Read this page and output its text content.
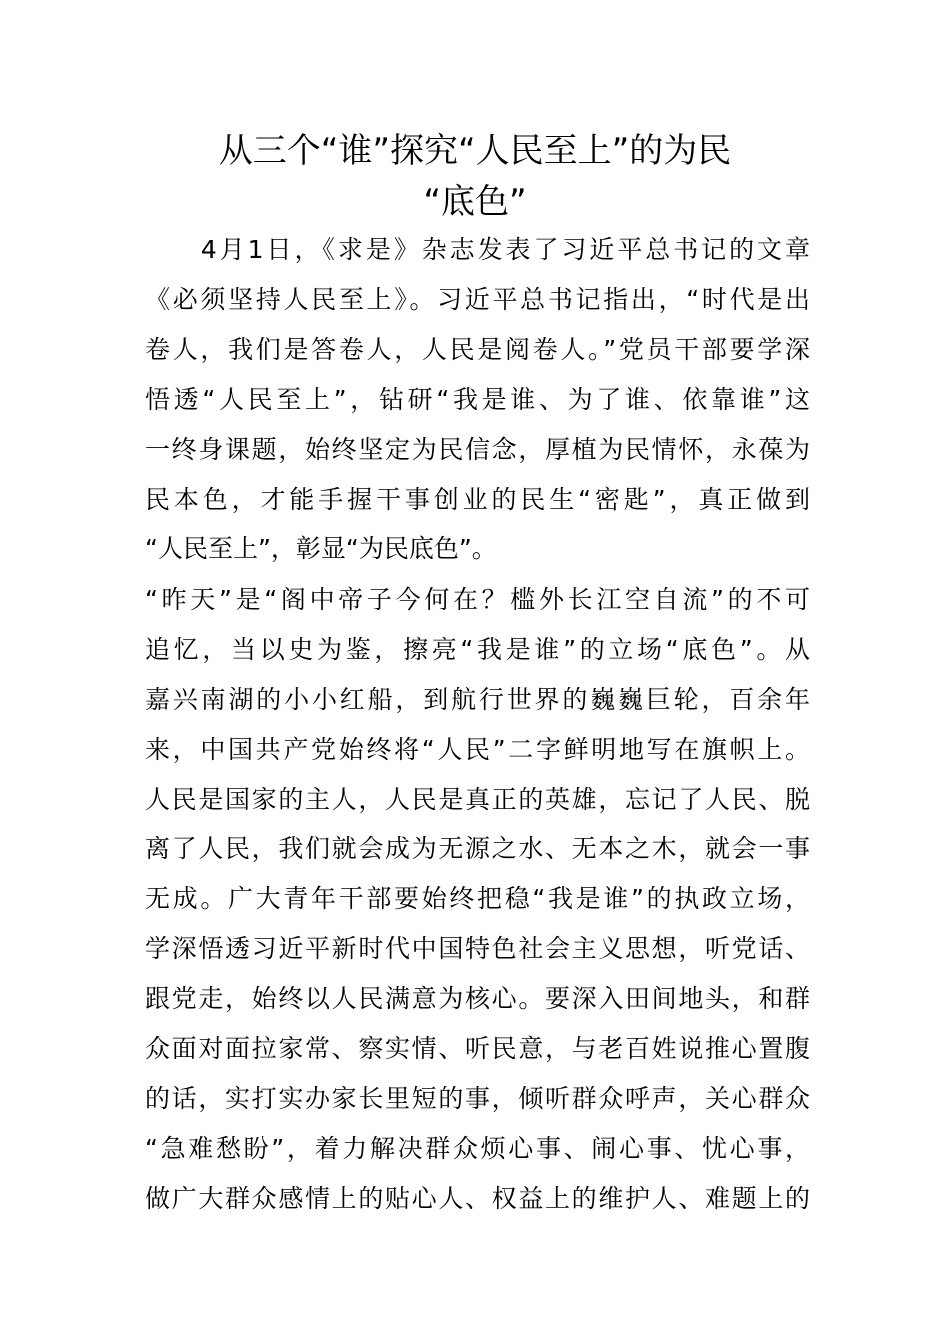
从三个“谁”探究“人民至上”的为民
“底色”
　　4月1日，《求是》杂志发表了习近平总书记的文章
《必须坚持人民至上》。习近平总书记指出，“时代是出
卷人，我们是答卷人，人民是阅卷人。”党员干部要学深
悟透“人民至上”，钻研“我是谁、为了谁、依靠谁”这
一终身课题，始终坚定为民信念，厚植为民情怀，永葆为
民本色，才能手握干事创业的民生“密匙”，真正做到
“人民至上”，彰显“为民底色”。
“昨天”是“阁中帝子今何在？槛外长江空自流”的不可
追忆，当以史为鉴，擦亮“我是谁”的立场“底色”。从
嘉兴南湖的小小红船，到航行世界的巍巍巨轮，百余年
来，中国共产党始终将“人民”二字鲜明地写在旗帜上。
人民是国家的主人，人民是真正的英雄，忘记了人民、脱
离了人民，我们就会成为无源之水、无本之木，就会一事
无成。广大青年干部要始终把稳“我是谁”的执政立场，
学深悟透习近平新时代中国特色社会主义思想，听党话、
跟党走，始终以人民满意为核心。要深入田间地头，和群
众面对面拉家常、察实情、听民意，与老百姓说推心置腹
的话，实打实办家长里短的事，倾听群众呼声，关心群众
“急难愁盼”，着力解决群众烦心事、闹心事、忧心事，
做广大群众感情上的贴心人、权益上的维护人、难题上的
